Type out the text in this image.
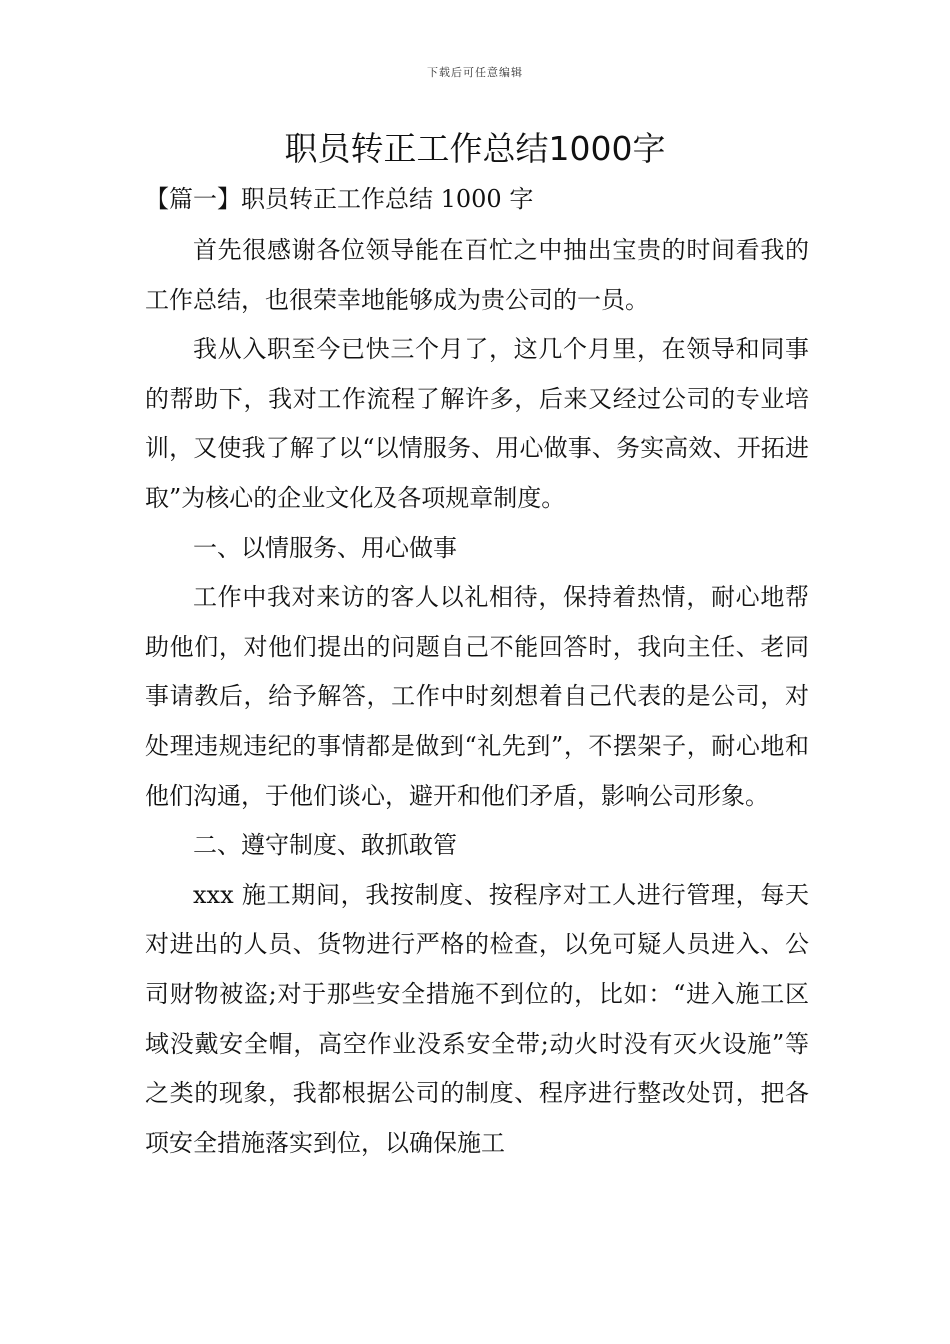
下载后可任意编辑
职员转正工作总结1000字
【篇一】职员转正工作总结 1000 字

首先很感谢各位领导能在百忙之中抽出宝贵的时间看我的工作总结，也很荣幸地能够成为贵公司的一员。

我从入职至今已快三个月了，这几个月里，在领导和同事的帮助下，我对工作流程了解许多，后来又经过公司的专业培训，又使我了解了以“以情服务、用心做事、务实高效、开拓进取”为核心的企业文化及各项规章制度。

一、以情服务、用心做事

工作中我对来访的客人以礼相待，保持着热情，耐心地帮助他们，对他们提出的问题自己不能回答时，我向主任、老同事请教后，给予解答，工作中时刻想着自己代表的是公司，对处理违规违纪的事情都是做到“礼先到”，不摆架子，耐心地和他们沟通，于他们谈心，避开和他们矛盾，影响公司形象。

二、遵守制度、敢抓敢管

xxx 施工期间，我按制度、按程序对工人进行管理，每天对进出的人员、货物进行严格的检查，以免可疑人员进入、公司财物被盗;对于那些安全措施不到位的，比如：“进入施工区域没戴安全帽，高空作业没系安全带;动火时没有灭火设施”等之类的现象，我都根据公司的制度、程序进行整改处罚，把各项安全措施落实到位，以确保施工
